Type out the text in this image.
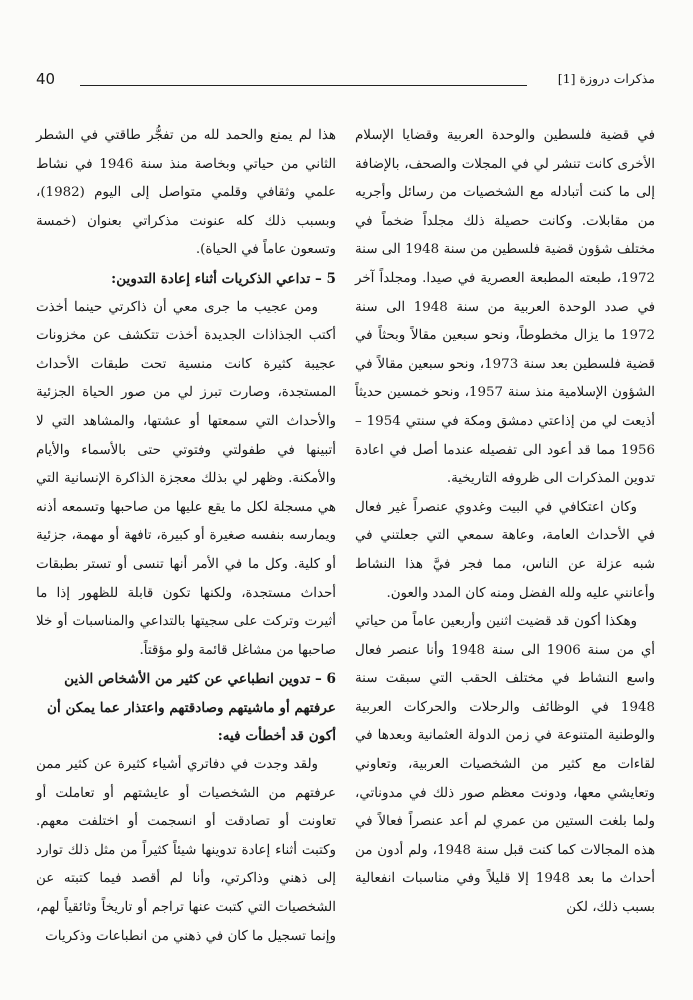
40	مذكرات دروزة [1]

في قضية فلسطين والوحدة العربية وقضايا الإسلام الأخرى كانت تنشر لي في المجلات والصحف، بالإضافة إلى ما كنت أتبادله مع الشخصيات من رسائل وأجريه من مقابلات. وكانت حصيلة ذلك مجلداً ضخماً في مختلف شؤون قضية فلسطين من سنة 1948 الى سنة 1972، طبعته المطبعة العصرية في صيدا. ومجلداً آخر في صدد الوحدة العربية من سنة 1948 الى سنة 1972 ما يزال مخطوطاً، ونحو سبعين مقالاً وبحثاً في قضية فلسطين بعد سنة 1973، ونحو سبعين مقالاً في الشؤون الإسلامية منذ سنة 1957، ونحو خمسين حديثاً أذيعت لي من إذاعتي دمشق ومكة في سنتي 1954 – 1956 مما قد أعود الى تفصيله عندما أصل في اعادة تدوين المذكرات الى ظروفه التاريخية.

وكان اعتكافي في البيت وغدوي عنصراً غير فعال في الأحداث العامة، وعاهة سمعي التي جعلتني في شبه عزلة عن الناس، مما فجر فيَّ هذا النشاط وأعانني عليه ولله الفضل ومنه كان المدد والعون.

وهكذا أكون قد قضيت اثنين وأربعين عاماً من حياتي أي من سنة 1906 الى سنة 1948 وأنا عنصر فعال واسع النشاط في مختلف الحقب التي سبقت سنة 1948 في الوظائف والرحلات والحركات العربية والوطنية المتنوعة في زمن الدولة العثمانية وبعدها في لقاءات مع كثير من الشخصيات العربية، وتعاوني وتعايشي معها، ودونت معظم صور ذلك في مدوناتي، ولما بلغت الستين من عمري لم أعد عنصراً فعالاً في هذه المجالات كما كنت قبل سنة 1948، ولم أدون من أحداث ما بعد 1948 إلا قليلاً وفي مناسبات انفعالية بسبب ذلك، لكن

هذا لم يمنع والحمد لله من تفجُّر طاقتي في الشطر الثاني من حياتي وبخاصة منذ سنة 1946 في نشاط علمي وثقافي وقلمي متواصل إلى اليوم (1982)، وبسبب ذلك كله عنونت مذكراتي بعنوان (خمسة وتسعون عاماً في الحياة).

5 – تداعي الذكريات أثناء إعادة التدوين:

ومن عجيب ما جرى معي أن ذاكرتي حينما أخذت أكتب الجذاذات الجديدة أخذت تتكشف عن مخزونات عجيبة كثيرة كانت منسية تحت طبقات الأحداث المستجدة، وصارت تبرز لي من صور الحياة الجزئية والأحداث التي سمعتها أو عشتها، والمشاهد التي لا أتبينها في طفولتي وفتوتي حتى بالأسماء والأيام والأمكنة. وظهر لي بذلك معجزة الذاكرة الإنسانية التي هي مسجلة لكل ما يقع عليها من صاحبها وتسمعه أذنه ويمارسه بنفسه صغيرة أو كبيرة، تافهة أو مهمة، جزئية أو كلية. وكل ما في الأمر أنها تنسى أو تستر بطبقات أحداث مستجدة، ولكنها تكون قابلة للظهور إذا ما أثيرت وتركت على سجيتها بالتداعي والمناسبات أو خلا صاحبها من مشاغل قائمة ولو مؤقتاً.

6 – تدوين انطباعي عن كثير من الأشخاص الذين عرفتهم أو ماشيتهم وصادقتهم واعتذار عما يمكن أن أكون قد أخطأت فيه:

ولقد وجدت في دفاتري أشياء كثيرة عن كثير ممن عرفتهم من الشخصيات أو عايشتهم أو تعاملت أو تعاونت أو تصادقت أو انسجمت أو اختلفت معهم. وكتبت أثناء إعادة تدوينها شيئاً كثيراً من مثل ذلك توارد إلى ذهني وذاكرتي، وأنا لم أقصد فيما كتبته عن الشخصيات التي كتبت عنها تراجم أو تاريخاً وثائقياً لهم، وإنما تسجيل ما كان في ذهني من انطباعات وذكريات
